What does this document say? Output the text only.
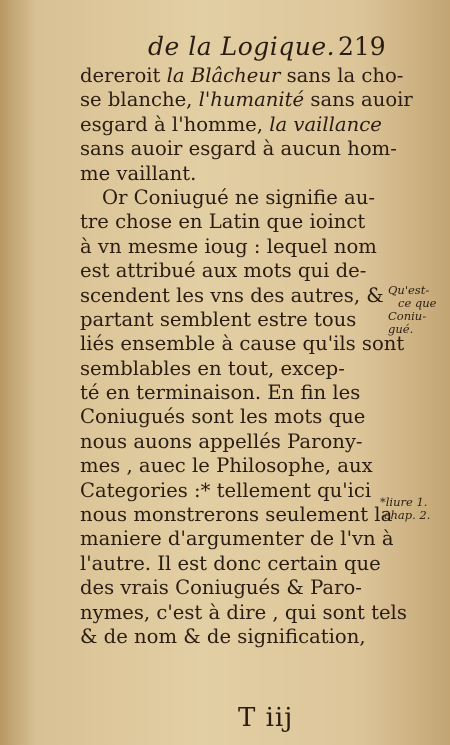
de la Logique. 219
dereroit la Blâcheur sans la cho-
se blanche, l'humanité sans auoir
esgard à l'homme, la vaillance
sans auoir esgard à aucun hom-
me vaillant.
Or Coniugué ne signifie au-
tre chose en Latin que ioinct
à vn mesme ioug : lequel nom
est attribué aux mots qui de-
scendent les vns des autres, &
partant semblent estre tous
liés ensemble à cause qu'ils sont
semblables en tout, excep-
té en terminaison. En fin les
Coniugués sont les mots que
nous auons appellés Parony-
mes , auec le Philosophe, aux
Categories :* tellement qu'ici
nous monstrerons seulement la
maniere d'argumenter de l'vn à
l'autre. Il est donc certain que
des vrais Coniugués & Paro-
nymes, c'est à dire , qui sont tels
& de nom & de signification,
Qu'est-
ce que
Coniu-
gué.
*liure 1.
chap. 2.
T iij
